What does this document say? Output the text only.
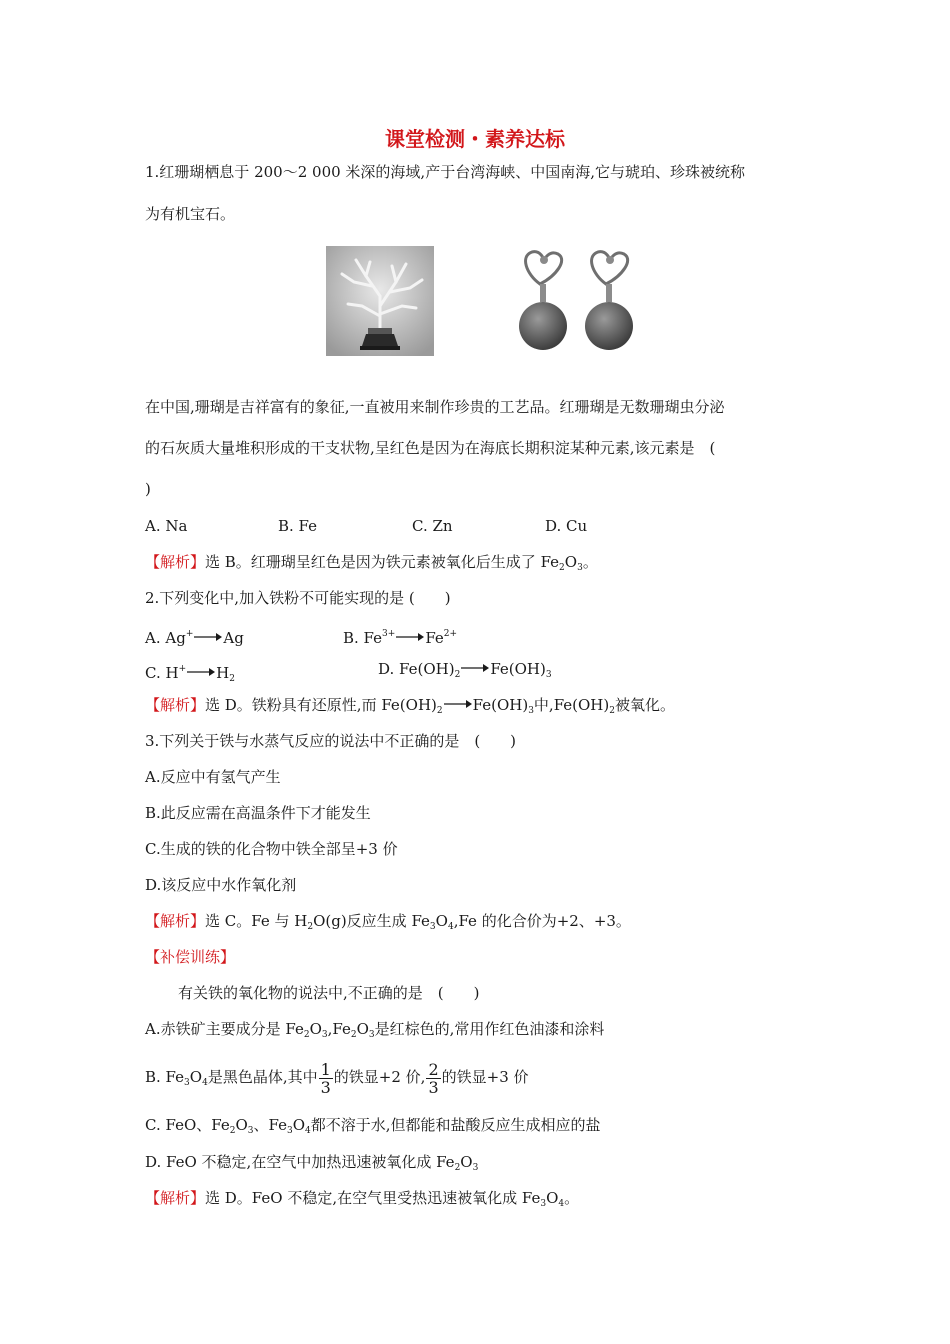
课堂检测・素养达标
1.红珊瑚栖息于 200～2 000 米深的海域,产于台湾海峡、中国南海,它与琥珀、珍珠被统称
为有机宝石。
在中国,珊瑚是吉祥富有的象征,一直被用来制作珍贵的工艺品。红珊瑚是无数珊瑚虫分泌
的石灰质大量堆积形成的干支状物,呈红色是因为在海底长期积淀某种元素,该元素是　(
)
A. Na	B. Fe	C. Zn	D. Cu
【解析】选 B。红珊瑚呈红色是因为铁元素被氧化后生成了 $Fe_2O_3$。
2.下列变化中,加入铁粉不可能实现的是 (　　)
A. Ag+→Ag	B. $Fe^{3+}\to Fe^{2+}$
C. $H^+\to H_2$
D. $Fe(OH)_2 \to Fe(OH)_3$
【解析】选 D。铁粉具有还原性,而 $Fe(OH)_2 \to Fe(OH)_3$中$,Fe(OH)_2$被氧化。
3.下列关于铁与水蒸气反应的说法中不正确的是　(　　)
A.反应中有氢气产生
B.此反应需在高温条件下才能发生
C.生成的铁的化合物中铁全部呈+3 价
D.该反应中水作氧化剂
【解析】选 C。Fe 与 $H_2O(g)$反应生成 $Fe_3O_4,Fe$ 的化合价为+2、+3。
【补偿训练】
有关铁的氧化物的说法中,不正确的是　(　　)
A.赤铁矿主要成分是 $Fe_2O_3,Fe_2O_3$是红棕色的,常用作红色油漆和涂料
B. $Fe_3O_4$是黑色晶体,其中 $\frac{1}{3}$ 的铁显+2 价, $\frac{2}{3}$ 的铁显+3 价
C. FeO、$Fe_2O_3$、$Fe_3O_4$都不溶于水,但都能和盐酸反应生成相应的盐
D. FeO 不稳定,在空气中加热迅速被氧化成 $Fe_2O_3$
【解析】选 D。FeO 不稳定,在空气里受热迅速被氧化成 $Fe_3O_4$。
